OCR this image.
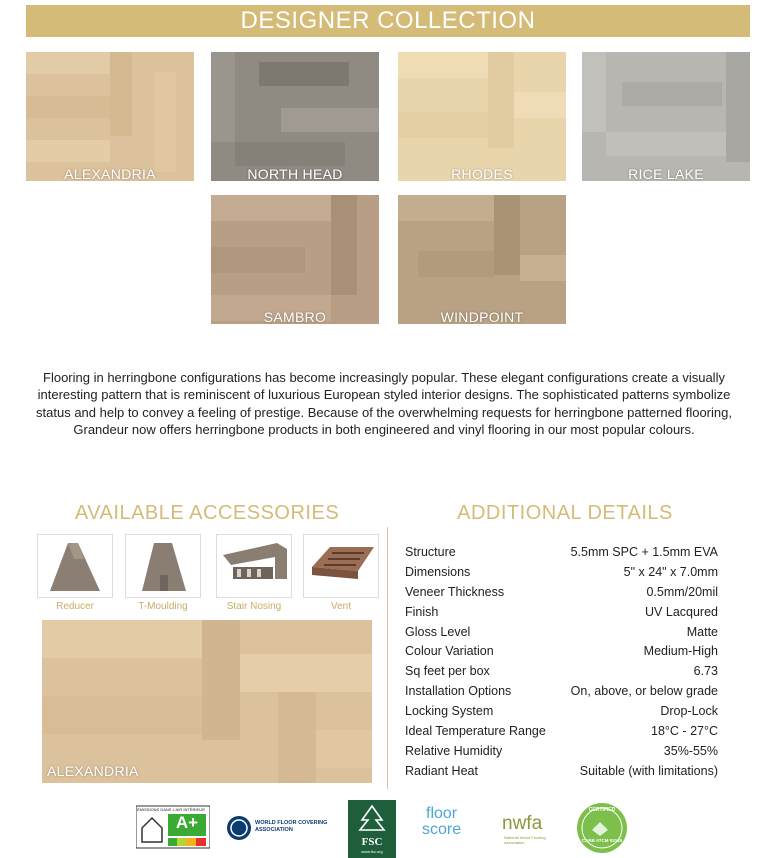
DESIGNER COLLECTION
ALEXANDRIA	NORTH HEAD	RHODES	RICE LAKE
SAMBRO	WINDPOINT

Flooring in herringbone configurations has become increasingly popular. These elegant configurations create a visually interesting pattern that is reminiscent of luxurious European styled interior designs. The sophisticated patterns symbolize status and help to convey a feeling of prestige. Because of the overwhelming requests for herringbone patterned flooring, Grandeur now offers herringbone products in both engineered and vinyl flooring in our most popular colours.

AVAILABLE ACCESSORIES	ADDITIONAL DETAILS
Reducer	T-Moulding	Stair Nosing	Vent
ALEXANDRIA
Structure	5.5mm SPC + 1.5mm EVA
Dimensions	5" x 24" x 7.0mm
Veneer Thickness	0.5mm/20mil
Finish	UV Lacqured
Gloss Level	Matte
Colour Variation	Medium-High
Sq feet per box	6.73
Installation Options	On, above, or below grade
Locking System	Drop-Lock
Ideal Temperature Range	18°C - 27°C
Relative Humidity	35%-55%
Radiant Heat	Suitable (with limitations)
ÉMISSIONS DANS L'AIR INTÉRIEUR
A+	WORLD FLOOR COVERING ASSOCIATION
FSC
www.fsc.org
floor
score nwfa
National Wood Flooring Association
CERTIFIED
CARB ATCM 93120
